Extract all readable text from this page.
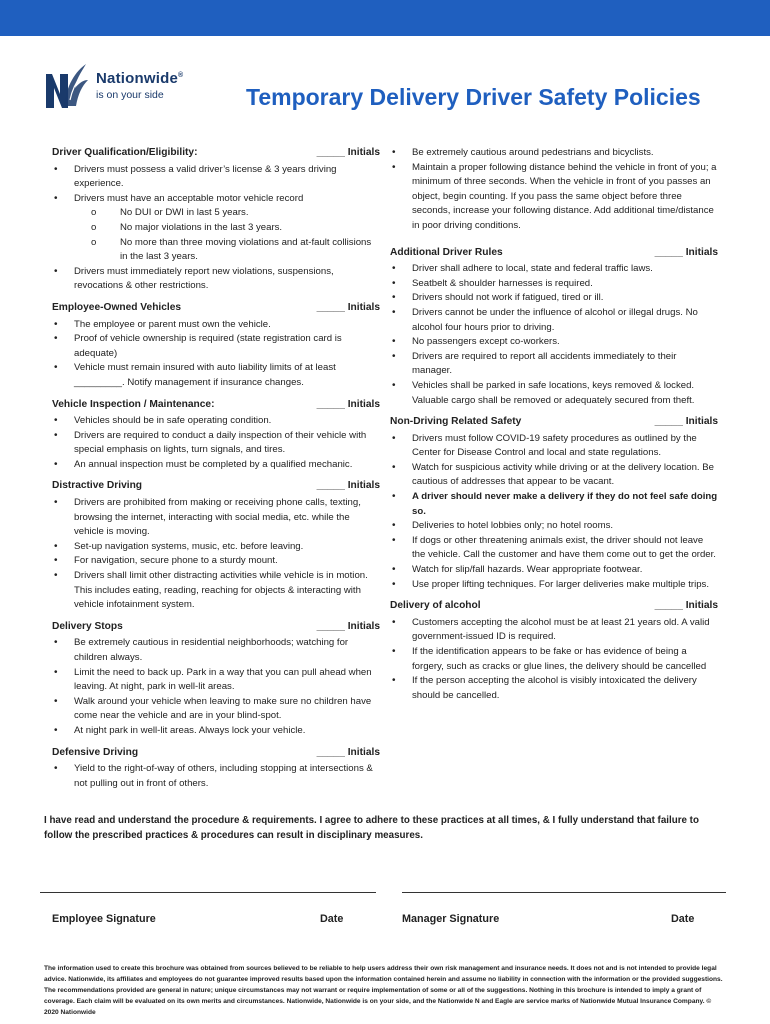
Nationwide®
is on your side	Temporary Delivery Driver Safety Policies
Driver Qualification/Eligibility:	_____ Initials
• Drivers must possess a valid driver’s license & 3 years driving experience.
• Drivers must have an acceptable motor vehicle record
o No DUI or DWI in last 5 years.
o No major violations in the last 3 years.
o No more than three moving violations and at-fault collisions in the last 3 years.
• Drivers must immediately report new violations, suspensions, revocations & other restrictions.
Employee-Owned Vehicles	_____ Initials
• The employee or parent must own the vehicle.
• Proof of vehicle ownership is required (state registration card is adequate)
• Vehicle must remain insured with auto liability limits of at least _________. Notify management if insurance changes.
Vehicle Inspection / Maintenance:	_____ Initials
• Vehicles should be in safe operating condition.
• Drivers are required to conduct a daily inspection of their vehicle with special emphasis on lights, turn signals, and tires.
• An annual inspection must be completed by a qualified mechanic.
Distractive Driving	_____ Initials
• Drivers are prohibited from making or receiving phone calls, texting, browsing the internet, interacting with social media, etc. while the vehicle is moving.
• Set-up navigation systems, music, etc. before leaving.
• For navigation, secure phone to a sturdy mount.
• Drivers shall limit other distracting activities while vehicle is in motion. This includes eating, reading, reaching for objects & interacting with vehicle infotainment system.
Delivery Stops	_____ Initials
• Be extremely cautious in residential neighborhoods; watching for children always.
• Limit the need to back up. Park in a way that you can pull ahead when leaving. At night, park in well-lit areas.
• Walk around your vehicle when leaving to make sure no children have come near the vehicle and are in your blind-spot.
• At night park in well-lit areas. Always lock your vehicle.
Defensive Driving	_____ Initials
• Yield to the right-of-way of others, including stopping at intersections & not pulling out in front of others.
• Be extremely cautious around pedestrians and bicyclists.
• Maintain a proper following distance behind the vehicle in front of you; a minimum of three seconds. When the vehicle in front of you passes an object, begin counting. If you pass the same object before three seconds, increase your following distance. Add additional time/distance in poor driving conditions.
Additional Driver Rules	_____ Initials
• Driver shall adhere to local, state and federal traffic laws.
• Seatbelt & shoulder harnesses is required.
• Drivers should not work if fatigued, tired or ill.
• Drivers cannot be under the influence of alcohol or illegal drugs. No alcohol four hours prior to driving.
• No passengers except co-workers.
• Drivers are required to report all accidents immediately to their manager.
• Vehicles shall be parked in safe locations, keys removed & locked. Valuable cargo shall be removed or adequately secured from theft.
Non-Driving Related Safety	_____ Initials
• Drivers must follow COVID-19 safety procedures as outlined by the Center for Disease Control and local and state regulations.
• Watch for suspicious activity while driving or at the delivery location. Be cautious of addresses that appear to be vacant.
• A driver should never make a delivery if they do not feel safe doing so.
• Deliveries to hotel lobbies only; no hotel rooms.
• If dogs or other threatening animals exist, the driver should not leave the vehicle. Call the customer and have them come out to get the order.
• Watch for slip/fall hazards. Wear appropriate footwear.
• Use proper lifting techniques. For larger deliveries make multiple trips.
Delivery of alcohol	_____ Initials
• Customers accepting the alcohol must be at least 21 years old. A valid government-issued ID is required.
• If the identification appears to be fake or has evidence of being a forgery, such as cracks or glue lines, the delivery should be cancelled
• If the person accepting the alcohol is visibly intoxicated the delivery should be cancelled.
I have read and understand the procedure & requirements. I agree to adhere to these practices at all times, & I fully understand that failure to follow the prescribed practices & procedures can result in disciplinary measures.
Employee Signature	Date	Manager Signature	Date
The information used to create this brochure was obtained from sources believed to be reliable to help users address their own risk management and insurance needs. It does not and is not intended to provide legal advice. Nationwide, its affiliates and employees do not guarantee improved results based upon the information contained herein and assume no liability in connection with the information or the provided suggestions. The recommendations provided are general in nature; unique circumstances may not warrant or require implementation of some or all of the suggestions. Nothing in this brochure is intended to imply a grant of coverage. Each claim will be evaluated on its own merits and circumstances. Nationwide, Nationwide is on your side, and the Nationwide N and Eagle are service marks of Nationwide Mutual Insurance Company. © 2020 Nationwide
